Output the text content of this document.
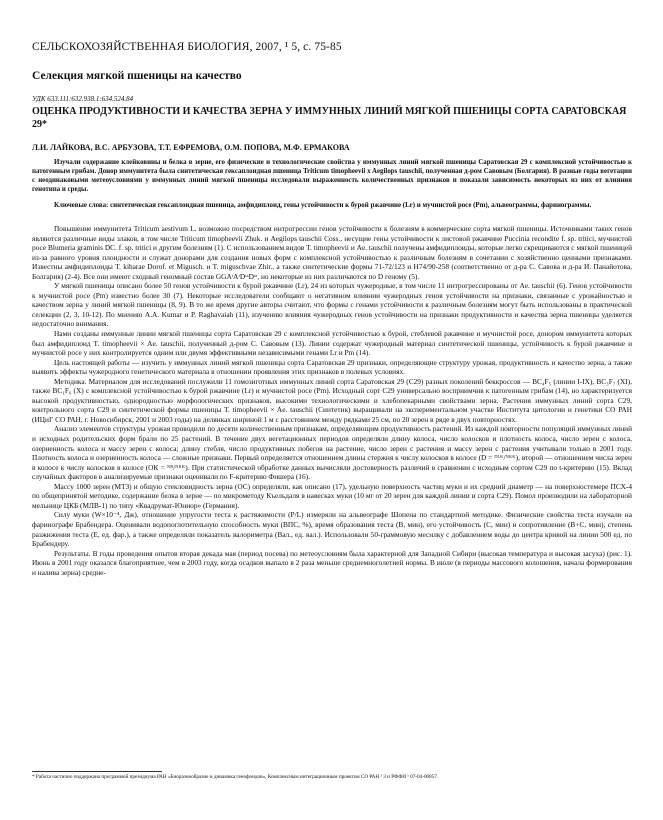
СЕЛЬСКОХОЗЯЙСТВЕННАЯ БИОЛОГИЯ, 2007, ¹ 5, с. 75-85
Селекция мягкой пшеницы на качество
УДК 633.111:632.938.1:634.524.84
ОЦЕНКА ПРОДУКТИВНОСТИ И КАЧЕСТВА ЗЕРНА У ИММУННЫХ ЛИНИЙ МЯГКОЙ ПШЕНИЦЫ СОРТА САРАТОВСКАЯ 29*
Л.И. ЛАЙКОВА, В.С. АРБУЗОВА, Т.Т. ЕФРЕМОВА, О.М. ПОПОВА, М.Ф. ЕРМАКОВА

Изучали содержание клейковины и белка в зерне, его физические и технологические свойства у иммунных линий мягкой пшеницы Саратовская 29 с комплексной устойчивостью к патогенным грибам. Донор иммунитета была синтетическая гексаплоидная пшеница Triticum timopheevii x Aegilops tauschii, полученная д-ром Савовым (Болгария). В разные годы вегетации с неодинаковыми метеоусловиями у иммунных линий мягкой пшеницы исследовали выраженность количественных признаков и показали зависимость некоторых из них от влияния генотипа и среды.

Ключевые слова: синтетическая гексаплоидная пшеница, амфидиплоид, гены устойчивости к бурой ржавчине (Lr) и мучнистой росе (Pm), альвеограммы, фаринограммы.

Повышение иммунитета Triticum aestivum L. возможно посредством интрогрессии генов устойчивости к болезням в коммерческие сорта мягкой пшеницы. Источниками таких генов являются различные виды злаков, в том числе Triticum timopheevii Zhuk. и Aegilops tauschii Coss., несущие гены устойчивости к листовой ржавчине Puccinia recondite f. sp. tritici, мучнистой росе Blumeria graminis DC. f. sp. tritici и другим болезням (1). С использованием видов T. timopheevii и Ae. tauschii получены амфидиплоиды, которые легко скрещиваются с мягкой пшеницей из-за равного уровня плоидности и служат донорами для создания новых форм с комплексной устойчивостью к различным болезням в сочетании с хозяйственно ценными признаками. Известны амфидиплоиды T. kiharae Dorof. et Migusch. и T. miguschvae Zhir., а также синтетические формы 71-72/123 и H74/90-258 (соответственно от д-ра С. Савова и д-ра И. Панайотова, Болгария) (2-4). Все они имеют сходный геномный состав GGAᵗAᵗDᵗᵃDᵗᵃ, но некоторые из них различаются по D геному (5).

У мягкой пшеницы описано более 50 генов устойчивости к бурой ржавчине (Lr), 24 из которых чужеродные, в том числе 11 интрогрессированы от Ae. tauschii (6). Генов устойчивости к мучнистой росе (Pm) известно более 30 (7). Некоторые исследователи сообщают о негативном влиянии чужеродных генов устойчивости на признаки, связанные с урожайностью и качеством зерна у линий мягкой пшеницы (8, 9). В то же время другие авторы считают, что формы с генами устойчивости к различным болезням могут быть использованы в практической селекции (2, 3, 10-12). По мнению А.А. Kumar и P. Raghavaiah (11), изучению влияния чужеродных генов устойчивости на признаки продуктивности и качества зерна пшеницы уделяется недостаточно внимания.

Нами созданы иммунные линии мягкой пшеницы сорта Саратовская 29 с комплексной устойчивостью к бурой, стеблевой ржавчине и мучнистой росе, донором иммунитета которых был амфидиплоид T. timopheevii × Ae. tauschii, полученный д-ром С. Савовым (13). Линии содержат чужеродный материал синтетической пшеницы, устойчивость к бурой ржавчине и мучнистой росе у них контролируется одним или двумя эффективными независимыми генами Lr и Pm (14).

Цель настоящей работы — изучить у иммунных линий мягкой пшеницы сорта Саратовская 29 признаки, определяющие структуру урожая, продуктивность и качество зерна, а также выявить эффекты чужеродного генетического материала в отношении проявления этих признаков в полевых условиях.

Методика. Материалом для исследований послужили 11 гомозиготных иммунных линий сорта Саратовская 29 (С29) разных поколений беккроссов — BC₄F₅ (линии I-IX), BC₃F₇ (XI), также BC₁F₆ (X) с комплексной устойчивостью к бурой ржавчине (Lr) и мучнистой росе (Pm). Исходный сорт С29 универсально восприимчив к патогенным грибам (14), но характеризуется высокой продуктивностью, однородностью морфологических признаков, высокими технологическими и хлебопекарными свойствами зерна. Растения иммунных линий сорта С29, контрольного сорта С29 и синтетической формы пшеницы T. timopheevii × Ae. tauschii (Синтетик) выращивали на экспериментальном участке Института цитологии и генетики СО РАН (ИЦиГ СО РАН, г. Новосибирск, 2001 и 2003 годы) на делянках шириной 1 м с расстоянием между рядками 25 см, по 20 зерен в ряде в двух повторностях.

Анализ элементов структуры урожая проводили по десяти количественным признакам, определяющим продуктивность растений. Из каждой повторности популяций иммунных линий и исходных родительских форм брали по 25 растений. В течение двух вегетационных периодов определяли длину колоса, число колосков и плотность колоса, число зерен с колоса, озерненность колоса и массу зерен с колоса; длину стебля, число продуктивных побегов на растение, число зерен с растения и массу зерен с растения учитывали только в 2001 году. Плотность колоса и озерненность колоса — сложные признаки. Первый определяется отношением длины стержня к числу колосков в колосе (D = ᴰᴸᴷ/ᴺᴷᴷ), второй — отношением числа зерен в колосе к числу колосков в колосе (ОК = ᴺᴮ/ᴺᴷᴷ). При статистической обработке данных вычисляли достоверность различий в сравнении с исходным сортом С29 по t-критерию (15). Вклад случайных факторов в анализируемые признаки оценивали по F-критерию Фишера (16).

Массу 1000 зерен (МТЗ) и общую стекловидность зерна (ОС) определяли, как описано (17), удельную поверхность частиц муки и их средний диаметр — на поверхностемере ПСХ-4 по общепринятой методике, содержание белка в зерне — по микрометоду Къельдаля в навесках муки (10 мг от 20 зерен для каждой линии и сорта С29). Помол производили на лабораторной мельнице ЦКБ (МЛВ-1) по типу «Квадрумат-Юниор» (Германия).

Силу муки (W×10⁻⁴, Дж), отношение упругости теста к растяжимости (P/L) измеряли на альвеографе Шопена по стандартной методике. Физические свойства теста изучали на фаринографе Брабендера. Оценивали водопоглотительную способность муки (ВПС, %), время образования теста (В, мин), его устойчивость (С, мин) и сопротивление (В+С, мин), степень разжижения теста (Е, ед. фар.), а также определяли показатель валориметра (Вал., ед. вал.). Использовали 50-граммовую месилку с добавлением воды до центра кривой на линии 500 ед. по Брабендеру.

Результаты. В годы проведения опытов вторая декада мая (период посева) по метеоусловиям была характерной для Западной Сибири (высокая температура и высокая засуха) (рис. 1). Июнь в 2001 году оказался благоприятнее, чем в 2003 году, когда осадков выпало в 2 раза меньше среднемноголетней нормы. В июле (в периоды массового колошения, начала формирования и налива зерна) средне-

* Работа частично поддержана программой президиума РАН «Биоразнообразие и динамика генофондов», Комплексным интеграционным проектом СО РАН ¹ 3 и РФФИ ¹ 07-04-00857.
